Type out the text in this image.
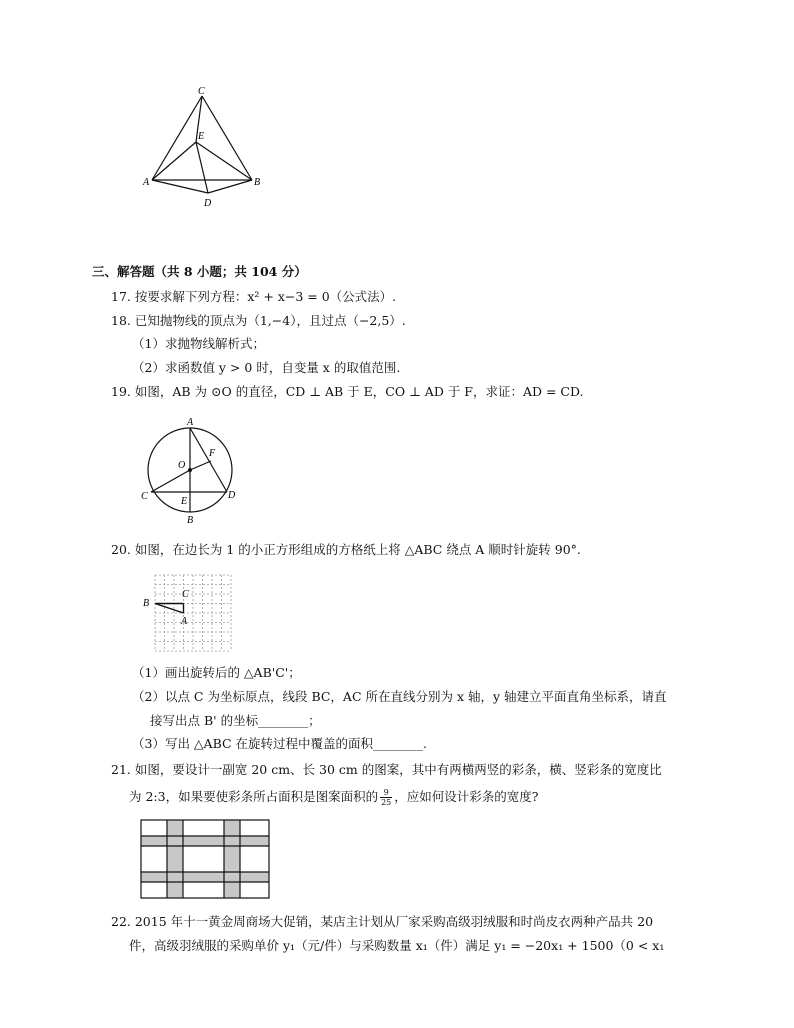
C
E
A	B
D
三、解答题（共 8 小题；共 104 分）
17. 按要求解下列方程：x² + x−3 = 0（公式法）.
18. 已知抛物线的顶点为（1,−4），且过点（−2,5）.
（1）求抛物线解析式；
（2）求函数值 y > 0 时，自变量 x 的取值范围.
19. 如图，AB 为 ⊙O 的直径，CD ⊥ AB 于 E，CO ⊥ AD 于 F，求证：AD = CD.
A
O
F
C	E
D
B
20. 如图，在边长为 1 的小正方形组成的方格纸上将 △ABC 绕点 A 顺时针旋转 90°.
B
C
A
（1）画出旋转后的 △AB'C'；
（2）以点 C 为坐标原点，线段 BC，AC 所在直线分别为 x 轴，y 轴建立平面直角坐标系，请直
接写出点 B' 的坐标________；
（3）写出 △ABC 在旋转过程中覆盖的面积________.
21. 如图，要设计一副宽 20 cm、长 30 cm 的图案，其中有两横两竖的彩条，横、竖彩条的宽度比
为 2:3，如果要使彩条所占面积是图案面积的 $\frac{9}{25}$ ，应如何设计彩条的宽度?
22. 2015 年十一黄金周商场大促销，某店主计划从厂家采购高级羽绒服和时尚皮衣两种产品共 20
件，高级羽绒服的采购单价 y₁（元/件）与采购数量 x₁（件）满足 y₁ = −20x₁ + 1500（0 < x₁
